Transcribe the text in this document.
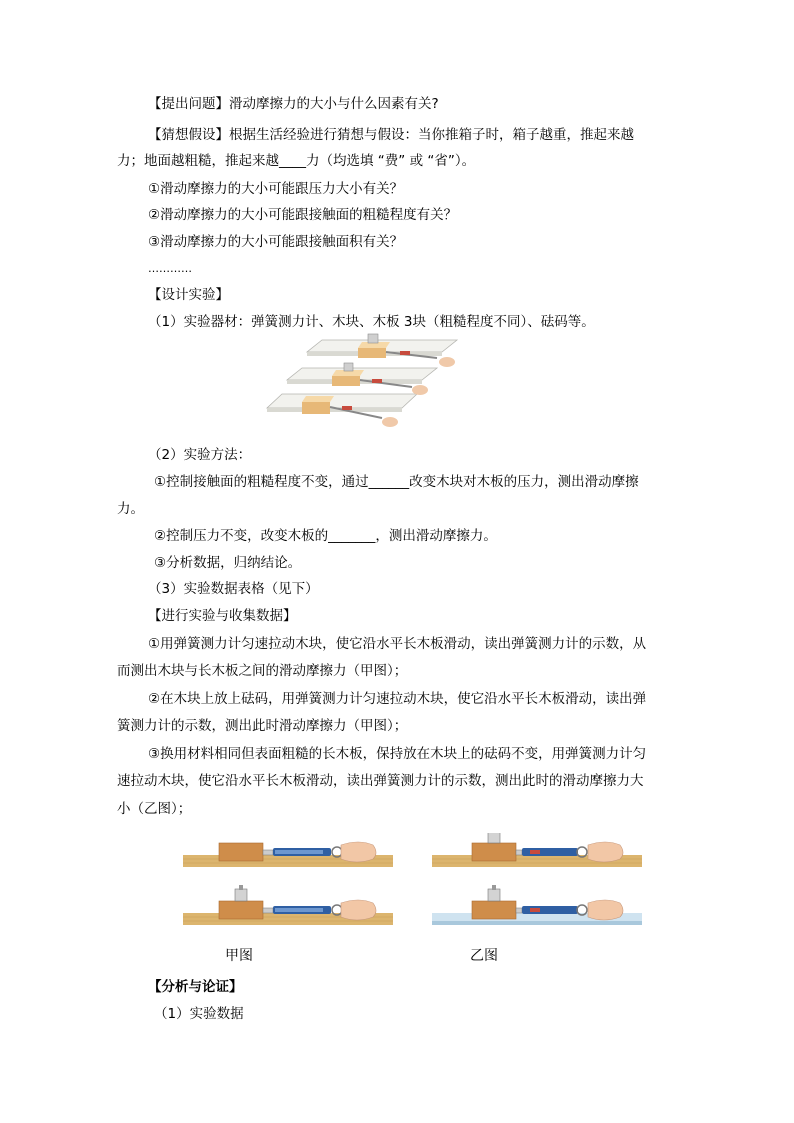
【提出问题】滑动摩擦力的大小与什么因素有关?
【猜想假设】根据生活经验进行猜想与假设：当你推箱子时，箱子越重，推起来越
力；地面越粗糙，推起来越____力（均选填 “费” 或 “省”）。
①滑动摩擦力的大小可能跟压力大小有关？
②滑动摩擦力的大小可能跟接触面的粗糙程度有关？
③滑动摩擦力的大小可能跟接触面积有关？
…………
【设计实验】
（1）实验器材：弹簧测力计、木块、木板 3块（粗糙程度不同）、砝码等。
（2）实验方法：
①控制接触面的粗糙程度不变，通过______改变木块对木板的压力，测出滑动摩擦
力。
②控制压力不变，改变木板的_______，测出滑动摩擦力。
③分析数据，归纳结论。
（3）实验数据表格（见下）
【进行实验与收集数据】
①用弹簧测力计匀速拉动木块，使它沿水平长木板滑动，读出弹簧测力计的示数，从
而测出木块与长木板之间的滑动摩擦力（甲图）；
②在木块上放上砝码，用弹簧测力计匀速拉动木块，使它沿水平长木板滑动，读出弹
簧测力计的示数，测出此时滑动摩擦力（甲图）；
③换用材料相同但表面粗糙的长木板，保持放在木块上的砝码不变，用弹簧测力计匀
速拉动木块，使它沿水平长木板滑动，读出弹簧测力计的示数，测出此时的滑动摩擦力大
小（乙图）；
甲图	乙图
【分析与论证】
（1）实验数据
